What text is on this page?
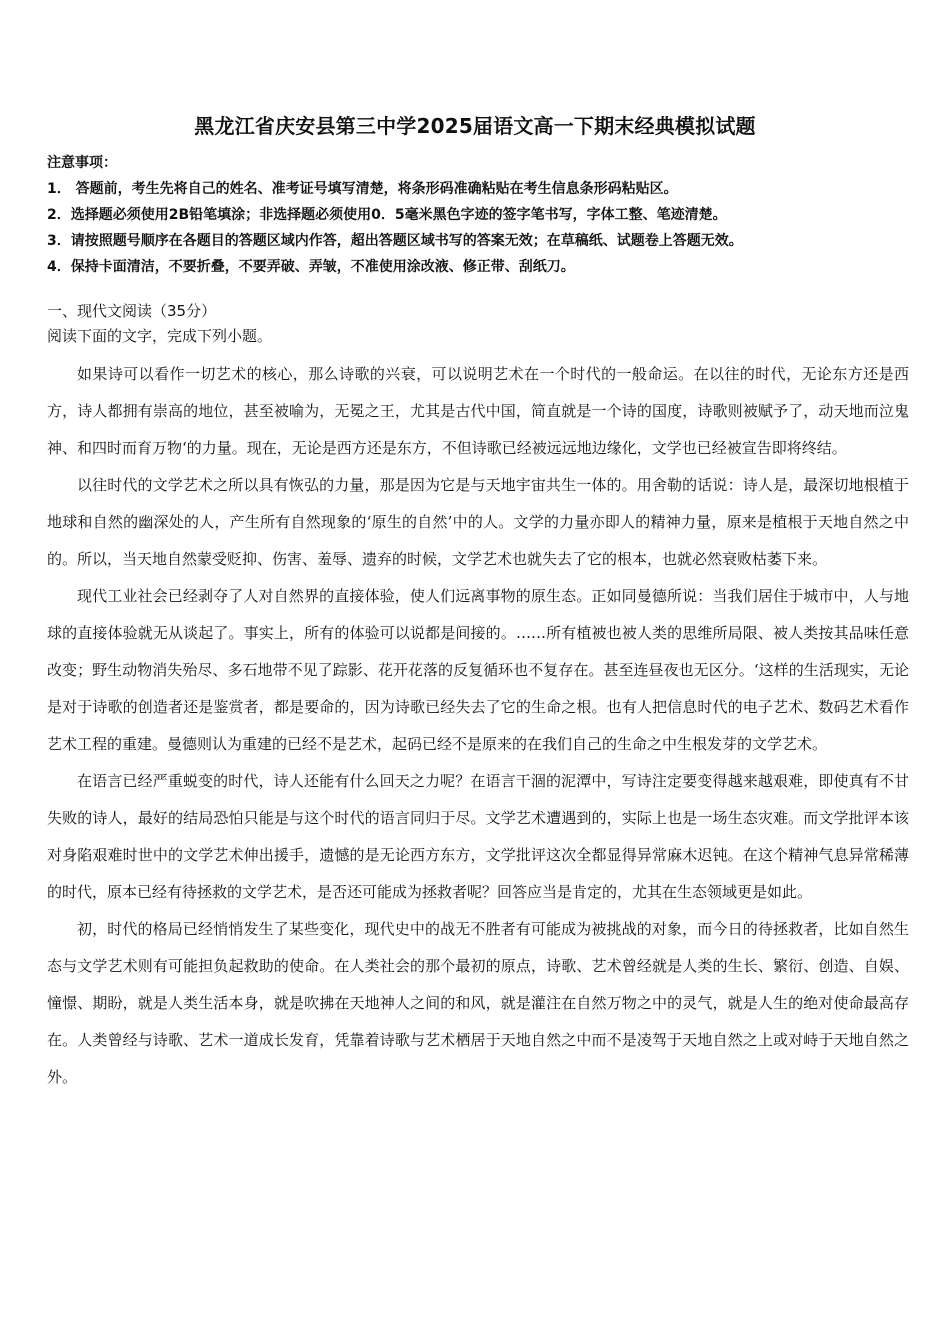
黑龙江省庆安县第三中学2025届语文高一下期末经典模拟试题
注意事项：
1． 答题前，考生先将自己的姓名、准考证号填写清楚，将条形码准确粘贴在考生信息条形码粘贴区。
2．选择题必须使用2B铅笔填涂；非选择题必须使用0．5毫米黑色字迹的签字笔书写，字体工整、笔迹清楚。
3．请按照题号顺序在各题目的答题区域内作答，超出答题区域书写的答案无效；在草稿纸、试题卷上答题无效。
4．保持卡面清洁，不要折叠，不要弄破、弄皱，不准使用涂改液、修正带、刮纸刀。
一、现代文阅读（35分）
阅读下面的文字，完成下列小题。

如果诗可以看作一切艺术的核心，那么诗歌的兴衰，可以说明艺术在一个时代的一般命运。在以往的时代，无论东方还是西方，诗人都拥有崇高的地位，甚至被喻为，无冕之王，尤其是古代中国，简直就是一个诗的国度，诗歌则被赋予了，动天地而泣鬼神、和四时而育万物‘的力量。现在，无论是西方还是东方，不但诗歌已经被远远地边缘化，文学也已经被宣告即将终结。

以往时代的文学艺术之所以具有恢弘的力量，那是因为它是与天地宇宙共生一体的。用舍勒的话说：诗人是，最深切地根植于地球和自然的幽深处的人，产生所有自然现象的‘原生的自然’中的人。文学的力量亦即人的精神力量，原来是植根于天地自然之中的。所以，当天地自然蒙受贬抑、伤害、羞辱、遗弃的时候，文学艺术也就失去了它的根本，也就必然衰败枯萎下来。

现代工业社会已经剥夺了人对自然界的直接体验，使人们远离事物的原生态。正如同曼德所说：当我们居住于城市中，人与地球的直接体验就无从谈起了。事实上，所有的体验可以说都是间接的。……所有植被也被人类的思维所局限、被人类按其品味任意改变；野生动物消失殆尽、多石地带不见了踪影、花开花落的反复循环也不复存在。甚至连昼夜也无区分。‘这样的生活现实，无论是对于诗歌的创造者还是鉴赏者，都是要命的，因为诗歌已经失去了它的生命之根。也有人把信息时代的电子艺术、数码艺术看作艺术工程的重建。曼德则认为重建的已经不是艺术，起码已经不是原来的在我们自己的生命之中生根发芽的文学艺术。

在语言已经严重蜕变的时代，诗人还能有什么回天之力呢？在语言干涸的泥潭中，写诗注定要变得越来越艰难，即使真有不甘失败的诗人，最好的结局恐怕只能是与这个时代的语言同归于尽。文学艺术遭遇到的，实际上也是一场生态灾难。而文学批评本该对身陷艰难时世中的文学艺术伸出援手，遗憾的是无论西方东方，文学批评这次全都显得异常麻木迟钝。在这个精神气息异常稀薄的时代，原本已经有待拯救的文学艺术，是否还可能成为拯救者呢？回答应当是肯定的，尤其在生态领域更是如此。

初，时代的格局已经悄悄发生了某些变化，现代史中的战无不胜者有可能成为被挑战的对象，而今日的待拯救者，比如自然生态与文学艺术则有可能担负起救助的使命。在人类社会的那个最初的原点，诗歌、艺术曾经就是人类的生长、繁衍、创造、自娱、憧憬、期盼，就是人类生活本身，就是吹拂在天地神人之间的和风，就是灌注在自然万物之中的灵气，就是人生的绝对使命最高存在。人类曾经与诗歌、艺术一道成长发育，凭靠着诗歌与艺术栖居于天地自然之中而不是凌驾于天地自然之上或对峙于天地自然之外。
